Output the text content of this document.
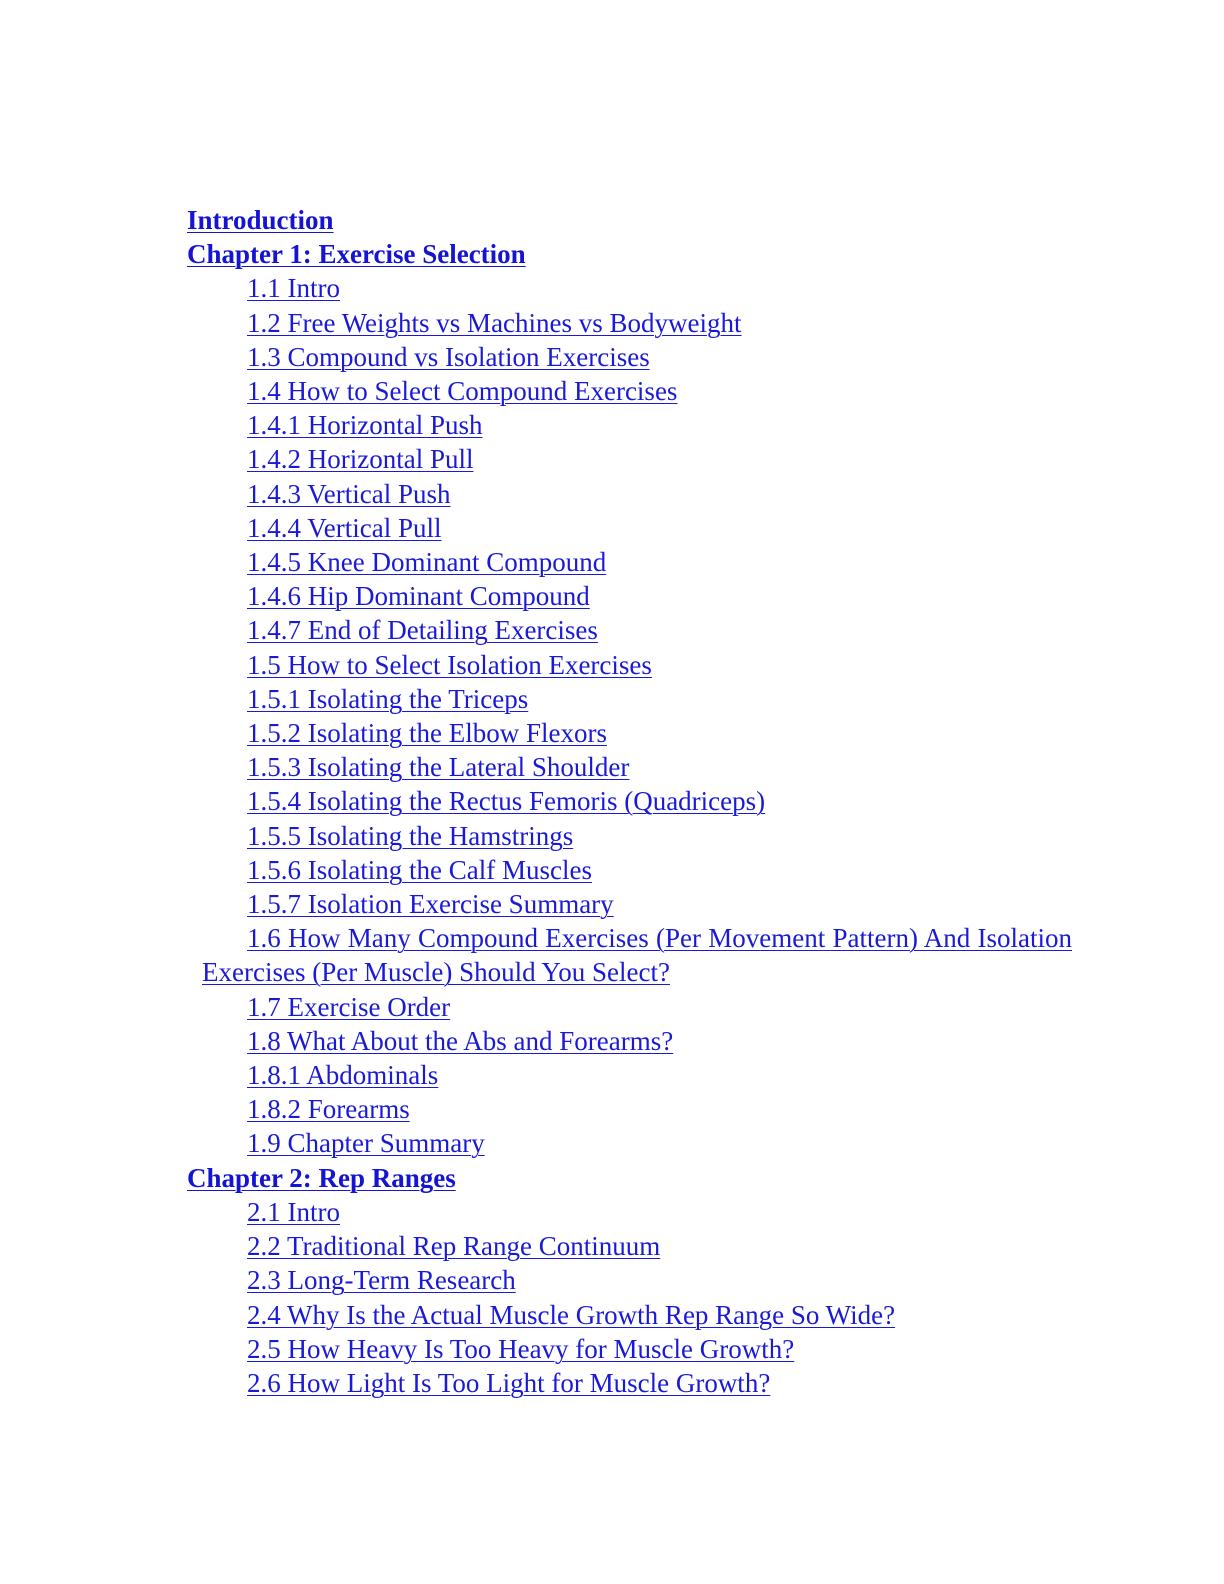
Introduction
Chapter 1: Exercise Selection
1.1 Intro
1.2 Free Weights vs Machines vs Bodyweight
1.3 Compound vs Isolation Exercises
1.4 How to Select Compound Exercises
1.4.1 Horizontal Push
1.4.2 Horizontal Pull
1.4.3 Vertical Push
1.4.4 Vertical Pull
1.4.5 Knee Dominant Compound
1.4.6 Hip Dominant Compound
1.4.7 End of Detailing Exercises
1.5 How to Select Isolation Exercises
1.5.1 Isolating the Triceps
1.5.2 Isolating the Elbow Flexors
1.5.3 Isolating the Lateral Shoulder
1.5.4 Isolating the Rectus Femoris (Quadriceps)
1.5.5 Isolating the Hamstrings
1.5.6 Isolating the Calf Muscles
1.5.7 Isolation Exercise Summary
1.6 How Many Compound Exercises (Per Movement Pattern) And Isolation Exercises (Per Muscle) Should You Select?
1.7 Exercise Order
1.8 What About the Abs and Forearms?
1.8.1 Abdominals
1.8.2 Forearms
1.9 Chapter Summary
Chapter 2: Rep Ranges
2.1 Intro
2.2 Traditional Rep Range Continuum
2.3 Long-Term Research
2.4 Why Is the Actual Muscle Growth Rep Range So Wide?
2.5 How Heavy Is Too Heavy for Muscle Growth?
2.6 How Light Is Too Light for Muscle Growth?
